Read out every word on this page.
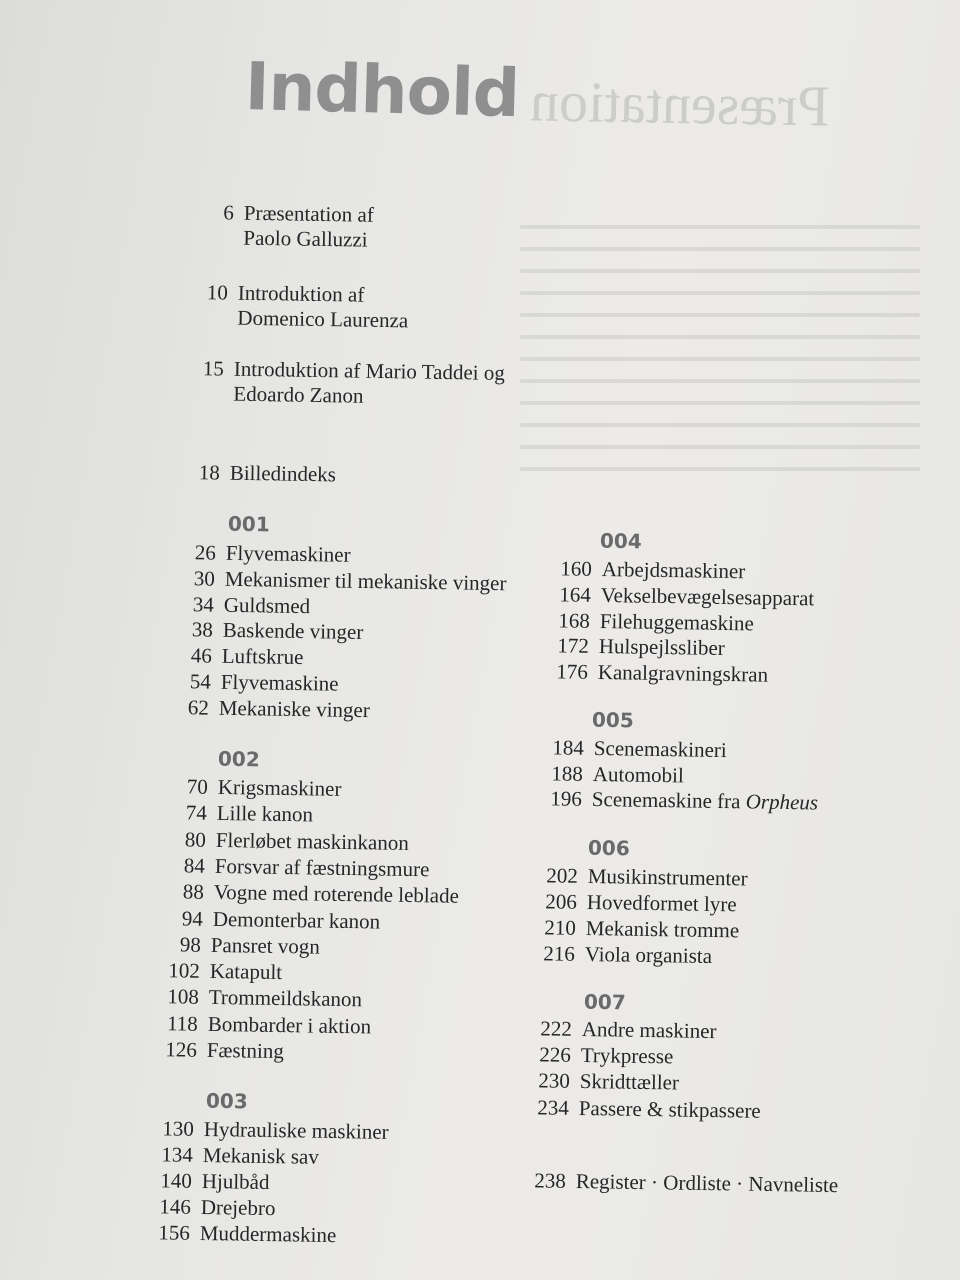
Præsentation
Indhold
6 Præsentation af
Paolo Galluzzi
10 Introduktion af
Domenico Laurenza
15 Introduktion af Mario Taddei og
Edoardo Zanon
18 Billedindeks
001
26 Flyvemaskiner
30 Mekanismer til mekaniske vinger
34 Guldsmed
38 Baskende vinger
46 Luftskrue
54 Flyvemaskine
62 Mekaniske vinger
002
70 Krigsmaskiner
74 Lille kanon
80 Flerløbet maskinkanon
84 Forsvar af fæstningsmure
88 Vogne med roterende leblade
94 Demonterbar kanon
98 Pansret vogn
102 Katapult
108 Trommeildskanon
118 Bombarder i aktion
126 Fæstning
003
130 Hydrauliske maskiner
134 Mekanisk sav
140 Hjulbåd
146 Drejebro
156 Muddermaskine
004
160 Arbejdsmaskiner
164 Vekselbevægelsesapparat
168 Filehuggemaskine
172 Hulspejlssliber
176 Kanalgravningskran
005
184 Scenemaskineri
188 Automobil
196 Scenemaskine fra Orpheus
006
202 Musikinstrumenter
206 Hovedformet lyre
210 Mekanisk tromme
216 Viola organista
007
222 Andre maskiner
226 Trykpresse
230 Skridttæller
234 Passere & stikpassere
238 Register · Ordliste · Navneliste
